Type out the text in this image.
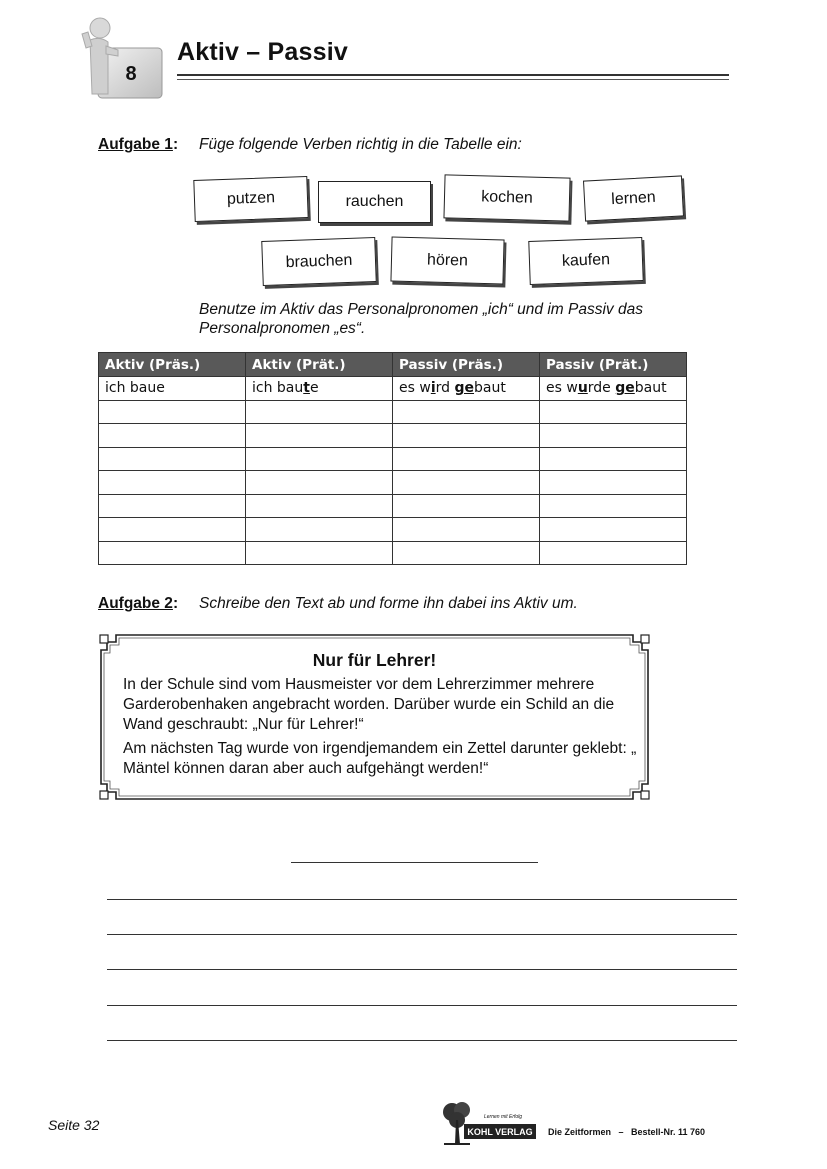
8
Aktiv – Passiv
Aufgabe 1: Füge folgende Verben richtig in die Tabelle ein:
putzen	rauchen	kochen	lernen
brauchen	hören	kaufen
Benutze im Aktiv das Personalpronomen „ich“ und im Passiv das Personalpronomen „es“.
Aktiv (Präs.)	Aktiv (Prät.)	Passiv (Präs.)	Passiv (Prät.)
ich baue	ich baute	es wird gebaut	es wurde gebaut

Aufgabe 2: Schreibe den Text ab und forme ihn dabei ins Aktiv um.
Nur für Lehrer!
In der Schule sind vom Hausmeister vor dem Lehrerzimmer mehrere Garderobenhaken angebracht worden. Darüber wurde ein Schild an die Wand geschraubt: „Nur für Lehrer!“
Am nächsten Tag wurde von irgendjemandem ein Zettel darunter geklebt: „ Mäntel können daran aber auch aufgehängt werden!“
Seite 32	Lernen mit Erfolg
KOHL VERLAG	Die Zeitformen   –   Bestell-Nr. 11 760
